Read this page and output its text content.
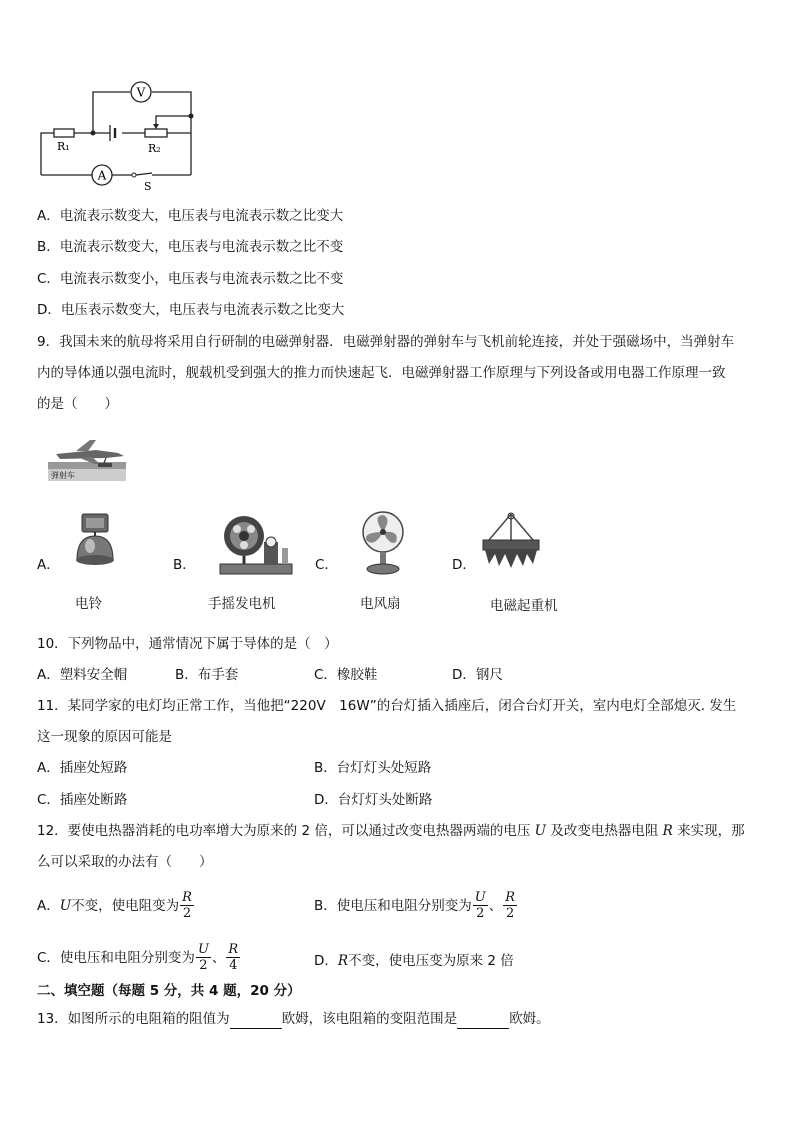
V
A
R₁	R₂
S
A．电流表示数变大，电压表与电流表示数之比变大
B．电流表示数变大，电压表与电流表示数之比不变
C．电流表示数变小，电压表与电流表示数之比不变
D．电压表示数变大，电压表与电流表示数之比变大
9．我国未来的航母将采用自行研制的电磁弹射器．电磁弹射器的弹射车与飞机前轮连接，并处于强磁场中，当弹射车
内的导体通以强电流时，舰载机受到强大的推力而快速起飞．电磁弹射器工作原理与下列设备或用电器工作原理一致
的是（　　）
弹射车
A．
电铃
B．
手摇发电机
C．
电风扇
D．
电磁起重机
10．下列物品中，通常情况下属于导体的是（　）
A．塑料安全帽	B．布手套	C．橡胶鞋	D．钢尺
11．某同学家的电灯均正常工作，当他把“220V　16W”的台灯插入插座后，闭合台灯开关，室内电灯全部熄灭. 发生
这一现象的原因可能是
A．插座处短路	B．台灯灯头处短路
C．插座处断路	D．台灯灯头处断路
12．要使电热器消耗的电功率增大为原来的 2 倍，可以通过改变电热器两端的电压 U 及改变电热器电阻 R 来实现，那
么可以采取的办法有（　　）
A． U 不变，使电阻变为 $\frac{R}{2}$	B．使电压和电阻分别变为 $\frac{U}{2}$ 、 $\frac{R}{2}$
C．使电压和电阻分别变为 $\frac{U}{2}$ 、 $\frac{R}{4}$	D．R不变，使电压变为原来 2 倍
二、填空题（每题 5 分，共 4 题，20 分）
13．如图所示的电阻箱的阻值为	欧姆，该电阻箱的变阻范围是	欧姆。
